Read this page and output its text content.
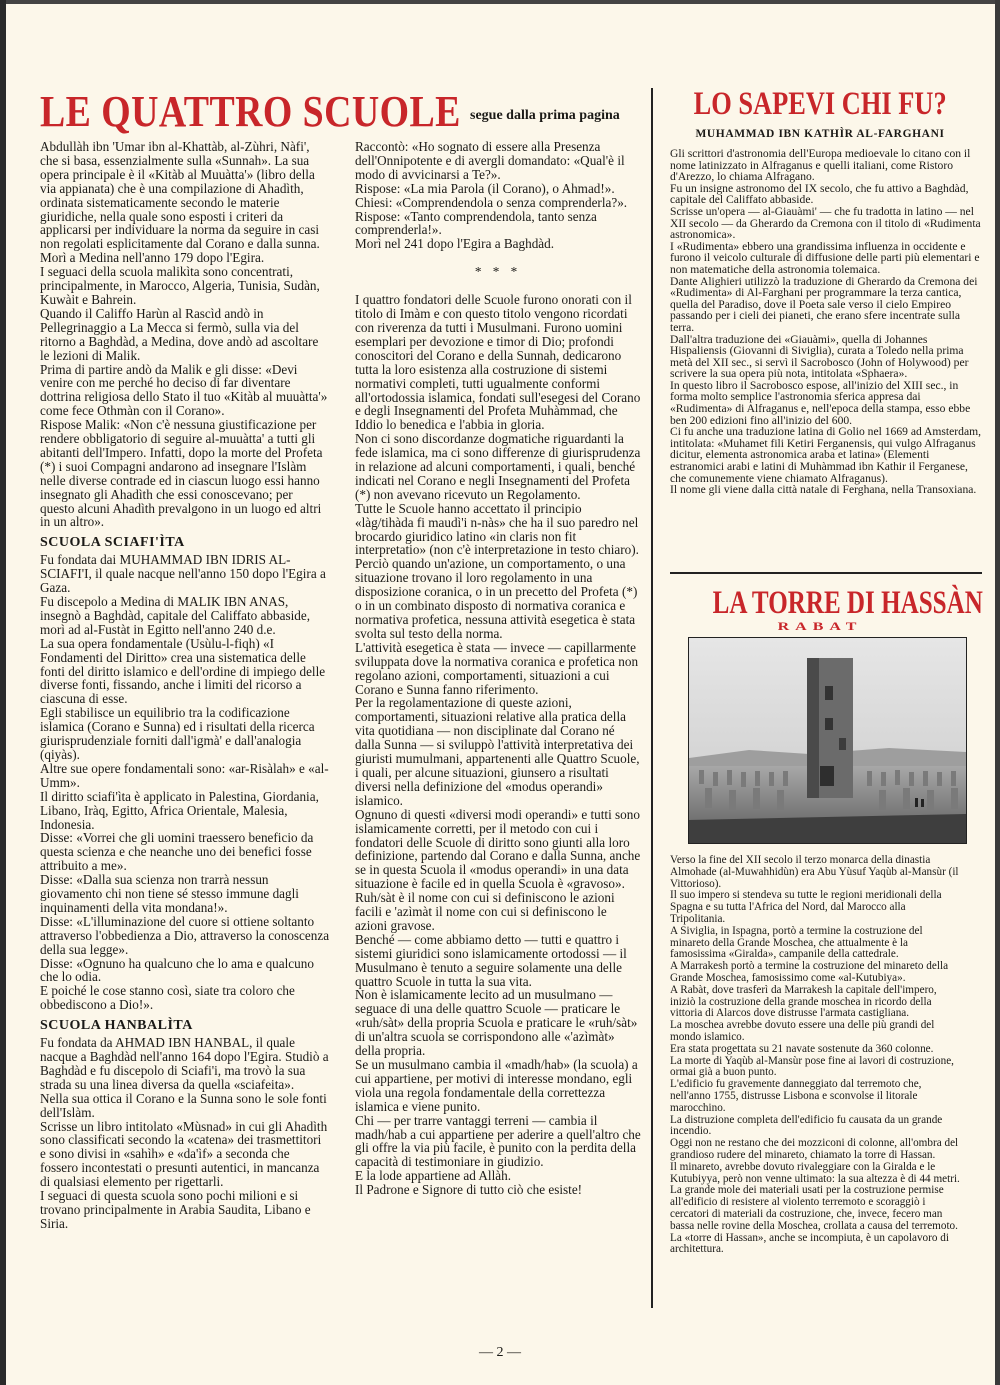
LE QUATTRO SCUOLE segue dalla prima pagina

Abdullàh ibn 'Umar ibn al-Khattàb, al-Zùhri, Nàfi', che si basa, essenzialmente sulla «Sunnah». La sua opera principale è il «Kitàb al Muuàtta'» (libro della via appianata) che è una compilazione di Ahadìth, ordinata sistematicamente secondo le materie giuridiche, nella quale sono esposti i criteri da applicarsi per individuare la norma da seguire in casi non regolati esplicitamente dal Corano e dalla sunna.

Morì a Medina nell'anno 179 dopo l'Egira.

I seguaci della scuola malikìta sono concentrati, principalmente, in Marocco, Algeria, Tunisia, Sudàn, Kuwàit e Bahrein.

Quando il Califfo Harùn al Rascìd andò in Pellegrinaggio a La Mecca si fermò, sulla via del ritorno a Baghdàd, a Medina, dove andò ad ascoltare le lezioni di Malik.

Prima di partire andò da Malik e gli disse: «Devi venire con me perché ho deciso di far diventare dottrina religiosa dello Stato il tuo «Kitàb al muuàtta'» come fece Othmàn con il Corano».

Rispose Malik: «Non c'è nessuna giustificazione per rendere obbligatorio di seguire al-muuàtta' a tutti gli abitanti dell'Impero. Infatti, dopo la morte del Profeta (*) i suoi Compagni andarono ad insegnare l'Islàm nelle diverse contrade ed in ciascun luogo essi hanno insegnato gli Ahadìth che essi conoscevano; per questo alcuni Ahadìth prevalgono in un luogo ed altri in un altro».

SCUOLA SCIAFI'ÌTA

Fu fondata dai MUHAMMAD IBN IDRIS AL-SCIAFI'I, il quale nacque nell'anno 150 dopo l'Egira a Gaza.

Fu discepolo a Medina di MALIK IBN ANAS, insegnò a Baghdàd, capitale del Califfato abbaside, morì ad al-Fustàt in Egitto nell'anno 240 d.e.

La sua opera fondamentale (Usùlu-l-fiqh) «I Fondamenti del Diritto» crea una sistematica delle fonti del diritto islamico e dell'ordine di impiego delle diverse fonti, fissando, anche i limiti del ricorso a ciascuna di esse.

Egli stabilisce un equilibrio tra la codificazione islamica (Corano e Sunna) ed i risultati della ricerca giurisprudenziale forniti dall'igmà' e dall'analogia (qiyàs).

Altre sue opere fondamentali sono: «ar-Risàlah» e «al-Umm».

Il diritto sciafi'ìta è applicato in Palestina, Giordania, Libano, Iràq, Egitto, Africa Orientale, Malesia, Indonesia.

Disse: «Vorrei che gli uomini traessero beneficio da questa scienza e che neanche uno dei benefici fosse attribuito a me».

Disse: «Dalla sua scienza non trarrà nessun giovamento chi non tiene sé stesso immune dagli inquinamenti della vita mondana!».

Disse: «L'illuminazione del cuore si ottiene soltanto attraverso l'obbedienza a Dio, attraverso la conoscenza della sua legge».

Disse: «Ognuno ha qualcuno che lo ama e qualcuno che lo odia.

E poiché le cose stanno così, siate tra coloro che obbediscono a Dio!».

SCUOLA HANBALÌTA

Fu fondata da AHMAD IBN HANBAL, il quale nacque a Baghdàd nell'anno 164 dopo l'Egira. Studiò a Baghdàd e fu discepolo di Sciafi'i, ma trovò la sua strada su una linea diversa da quella «sciafeita».

Nella sua ottica il Corano e la Sunna sono le sole fonti dell'Islàm.

Scrisse un libro intitolato «Mùsnad» in cui gli Ahadìth sono classificati secondo la «catena» dei trasmettitori e sono divisi in «sahìh» e «da'ìf» a seconda che fossero incontestati o presunti autentici, in mancanza di qualsiasi elemento per rigettarli.

I seguaci di questa scuola sono pochi milioni e si trovano principalmente in Arabia Saudita, Libano e Siria.

Raccontò: «Ho sognato di essere alla Presenza dell'Onnipotente e di avergli domandato: «Qual'è il modo di avvicinarsi a Te?».

Rispose: «La mia Parola (il Corano), o Ahmad!».

Chiesi: «Comprendendola o senza comprenderla?». Rispose: «Tanto comprendendola, tanto senza comprenderla!».

Morì nel 241 dopo l'Egira a Baghdàd.

* * *

I quattro fondatori delle Scuole furono onorati con il titolo di Imàm e con questo titolo vengono ricordati con riverenza da tutti i Musulmani. Furono uomini esemplari per devozione e timor di Dio; profondi conoscitori del Corano e della Sunnah, dedicarono tutta la loro esistenza alla costruzione di sistemi normativi completi, tutti ugualmente conformi all'ortodossia islamica, fondati sull'esegesi del Corano e degli Insegnamenti del Profeta Muhàmmad, che Iddio lo benedica e l'abbia in gloria.

Non ci sono discordanze dogmatiche riguardanti la fede islamica, ma ci sono differenze di giurisprudenza in relazione ad alcuni comportamenti, i quali, benché indicati nel Corano e negli Insegnamenti del Profeta (*) non avevano ricevuto un Regolamento.

Tutte le Scuole hanno accettato il principio «làg/tihàda fi maudì'i n-nàs» che ha il suo paredro nel brocardo giuridico latino «in claris non fit interpretatio» (non c'è interpretazione in testo chiaro).

Perciò quando un'azione, un comportamento, o una situazione trovano il loro regolamento in una disposizione coranica, o in un precetto del Profeta (*) o in un combinato disposto di normativa coranica e normativa profetica, nessuna attività esegetica è stata svolta sul testo della norma.

L'attività esegetica è stata — invece — capillarmente sviluppata dove la normativa coranica e profetica non regolano azioni, comportamenti, situazioni a cui Corano e Sunna fanno riferimento.

Per la regolamentazione di queste azioni, comportamenti, situazioni relative alla pratica della vita quotidiana — non disciplinate dal Corano né dalla Sunna — si sviluppò l'attività interpretativa dei giuristi mumulmani, appartenenti alle Quattro Scuole, i quali, per alcune situazioni, giunsero a risultati diversi nella definizione del «modus operandi» islamico.

Ognuno di questi «diversi modi operandi» e tutti sono islamicamente corretti, per il metodo con cui i fondatori delle Scuole di diritto sono giunti alla loro definizione, partendo dal Corano e dalla Sunna, anche se in questa Scuola il «modus operandi» in una data situazione è facile ed in quella Scuola è «gravoso».

Ruh/sàt è il nome con cui si definiscono le azioni facili e 'azìmàt il nome con cui si definiscono le azioni gravose.

Benché — come abbiamo detto — tutti e quattro i sistemi giuridici sono islamicamente ortodossi — il Musulmano è tenuto a seguire solamente una delle quattro Scuole in tutta la sua vita.

Non è islamicamente lecito ad un musulmano — seguace di una delle quattro Scuole — praticare le «ruh/sàt» della propria Scuola e praticare le «ruh/sàt» di un'altra scuola se corrispondono alle «'azìmàt» della propria.

Se un musulmano cambia il «madh/hab» (la scuola) a cui appartiene, per motivi di interesse mondano, egli viola una regola fondamentale della correttezza islamica e viene punito.

Chi — per trarre vantaggi terreni — cambia il madh/hab a cui appartiene per aderire a quell'altro che gli offre la via più facile, è punito con la perdita della capacità di testimoniare in giudizio.

E la lode appartiene ad Allàh.

Il Padrone e Signore di tutto ciò che esiste!

LO SAPEVI CHI FU?
MUHAMMAD IBN KATHÌR AL-FARGHANI

Gli scrittori d'astronomia dell'Europa medioevale lo citano con il nome latinizzato in Alfraganus e quelli italiani, come Ristoro d'Arezzo, lo chiama Alfragano.

Fu un insigne astronomo del IX secolo, che fu attivo a Baghdàd, capitale del Califfato abbaside.

Scrisse un'opera — al-Giauàmi' — che fu tradotta in latino — nel XII secolo — da Gherardo da Cremona con il titolo di «Rudimenta astronomica».

I «Rudimenta» ebbero una grandissima influenza in occidente e furono il veicolo culturale di diffusione delle parti più elementari e non matematiche della astronomia tolemaica.

Dante Alighieri utilizzò la traduzione di Gherardo da Cremona dei «Rudimenta» di Al-Farghani per programmare la terza cantica, quella del Paradiso, dove il Poeta sale verso il cielo Empireo passando per i cieli dei pianeti, che erano sfere incentrate sulla terra.

Dall'altra traduzione dei «Giauàmi», quella di Johannes Hispaliensis (Giovanni di Siviglia), curata a Toledo nella prima metà del XII sec., si servì il Sacrobosco (John of Holywood) per scrivere la sua opera più nota, intitolata «Sphaera».

In questo libro il Sacrobosco espose, all'inizio del XIII sec., in forma molto semplice l'astronomia sferica appresa dai «Rudimenta» di Alfraganus e, nell'epoca della stampa, esso ebbe ben 200 edizioni fino all'inizio del 600.

Ci fu anche una traduzione latina di Golio nel 1669 ad Amsterdam, intitolata: «Muhamet fili Ketiri Ferganensis, qui vulgo Alfraganus dicitur, elementa astronomica araba et latina» (Elementi estranomici arabi e latini di Muhàmmad ibn Kathir il Ferganese, che comunemente viene chiamato Alfraganus).

Il nome gli viene dalla città natale di Ferghana, nella Transoxiana.

LA TORRE DI HASSÀN
RABAT

Verso la fine del XII secolo il terzo monarca della dinastia Almohade (al-Muwahhidùn) era Abu Yùsuf Yaqùb al-Mansùr (il Vittorioso).

Il suo impero si stendeva su tutte le regioni meridionali della Spagna e su tutta l'Africa del Nord, dal Marocco alla Tripolitania.

A Siviglia, in Ispagna, portò a termine la costruzione del minareto della Grande Moschea, che attualmente è la famosissima «Giralda», campanile della cattedrale.

A Marrakesh portò a termine la costruzione del minareto della Grande Moschea, famosissimo come «al-Kutubiya».

A Rabàt, dove trasferì da Marrakesh la capitale dell'impero, iniziò la costruzione della grande moschea in ricordo della vittoria di Alarcos dove distrusse l'armata castigliana.

La moschea avrebbe dovuto essere una delle più grandi del mondo islamico.

Era stata progettata su 21 navate sostenute da 360 colonne.

La morte di Yaqùb al-Mansùr pose fine ai lavori di costruzione, ormai già a buon punto.

L'edificio fu gravemente danneggiato dal terremoto che, nell'anno 1755, distrusse Lisbona e sconvolse il litorale marocchino.

La distruzione completa dell'edificio fu causata da un grande incendio.

Oggi non ne restano che dei mozziconi di colonne, all'ombra del grandioso rudere del minareto, chiamato la torre di Hassan.

Il minareto, avrebbe dovuto rivaleggiare con la Giralda e le Kutubiyya, però non venne ultimato: la sua altezza è di 44 metri.

La grande mole dei materiali usati per la costruzione permise all'edificio di resistere al violento terremoto e scoraggiò i cercatori di materiali da costruzione, che, invece, fecero man bassa nelle rovine della Moschea, crollata a causa del terremoto.

La «torre di Hassan», anche se incompiuta, è un capolavoro di architettura.

— 2 —
